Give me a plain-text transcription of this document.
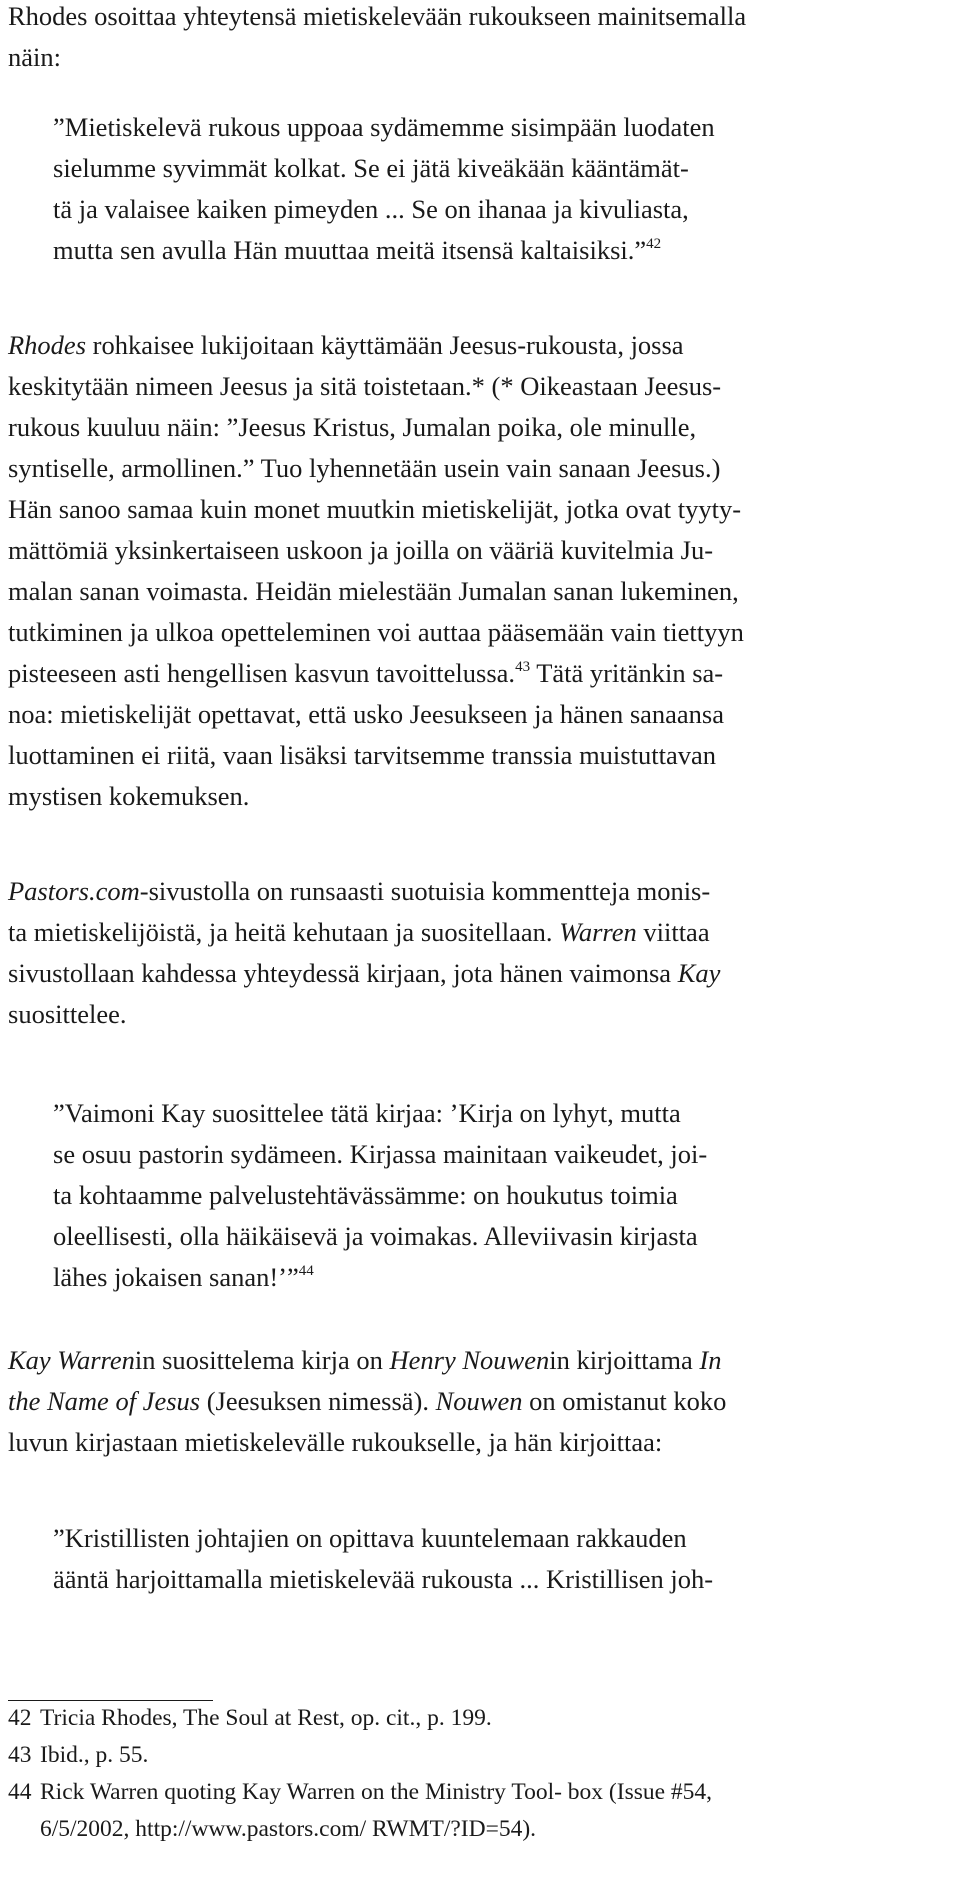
Rhodes osoittaa yhteytensä mietiskelevään rukoukseen mainitsemalla
näin:
”Mietiskelevä rukous uppoaa sydämemme sisimpään luodaten
sielumme syvimmät kolkat. Se ei jätä kiveäkään kääntämät-
tä ja valaisee kaiken pimeyden ... Se on ihanaa ja kivuliasta,
mutta sen avulla Hän muuttaa meitä itsensä kaltaisiksi.”$^{42}$
Rhodes rohkaisee lukijoitaan käyttämään Jeesus-rukousta, jossa
keskitytään nimeen Jeesus ja sitä toistetaan.* (* Oikeastaan Jeesus-
rukous kuuluu näin: ”Jeesus Kristus, Jumalan poika, ole minulle,
syntiselle, armollinen.” Tuo lyhennetään usein vain sanaan Jeesus.)
Hän sanoo samaa kuin monet muutkin mietiskelijät, jotka ovat tyyty-
mättömiä yksinkertaiseen uskoon ja joilla on vääriä kuvitelmia Ju-
malan sanan voimasta. Heidän mielestään Jumalan sanan lukeminen,
tutkiminen ja ulkoa opetteleminen voi auttaa pääsemään vain tiettyyn
pisteeseen asti hengellisen kasvun tavoittelussa.$^{43}$ Tätä yritänkin sa-
noa: mietiskelijät opettavat, että usko Jeesukseen ja hänen sanaansa
luottaminen ei riitä, vaan lisäksi tarvitsemme transsia muistuttavan
mystisen kokemuksen.
Pastors.com-sivustolla on runsaasti suotuisia kommentteja monis-
ta mietiskelijöistä, ja heitä kehutaan ja suositellaan. Warren viittaa
sivustollaan kahdessa yhteydessä kirjaan, jota hänen vaimonsa Kay
suosittelee.
”Vaimoni Kay suosittelee tätä kirjaa: ’Kirja on lyhyt, mutta
se osuu pastorin sydämeen. Kirjassa mainitaan vaikeudet, joi-
ta kohtaamme palvelustehtävässämme: on houkutus toimia
oleellisesti, olla häikäisevä ja voimakas. Alleviivasin kirjasta
lähes jokaisen sanan!’”$^{44}$
Kay Warrenin suosittelema kirja on Henry Nouwenin kirjoittama In
the Name of Jesus (Jeesuksen nimessä). Nouwen on omistanut koko
luvun kirjastaan mietiskelevälle rukoukselle, ja hän kirjoittaa:
”Kristillisten johtajien on opittava kuuntelemaan rakkauden
ääntä harjoittamalla mietiskelevää rukousta ... Kristillisen joh-
42 Tricia Rhodes, The Soul at Rest, op. cit., p. 199.
43 Ibid., p. 55.
44 Rick Warren quoting Kay Warren on the Ministry Tool- box (Issue #54,
6/5/2002, http://www.pastors.com/ RWMT/?ID=54).
